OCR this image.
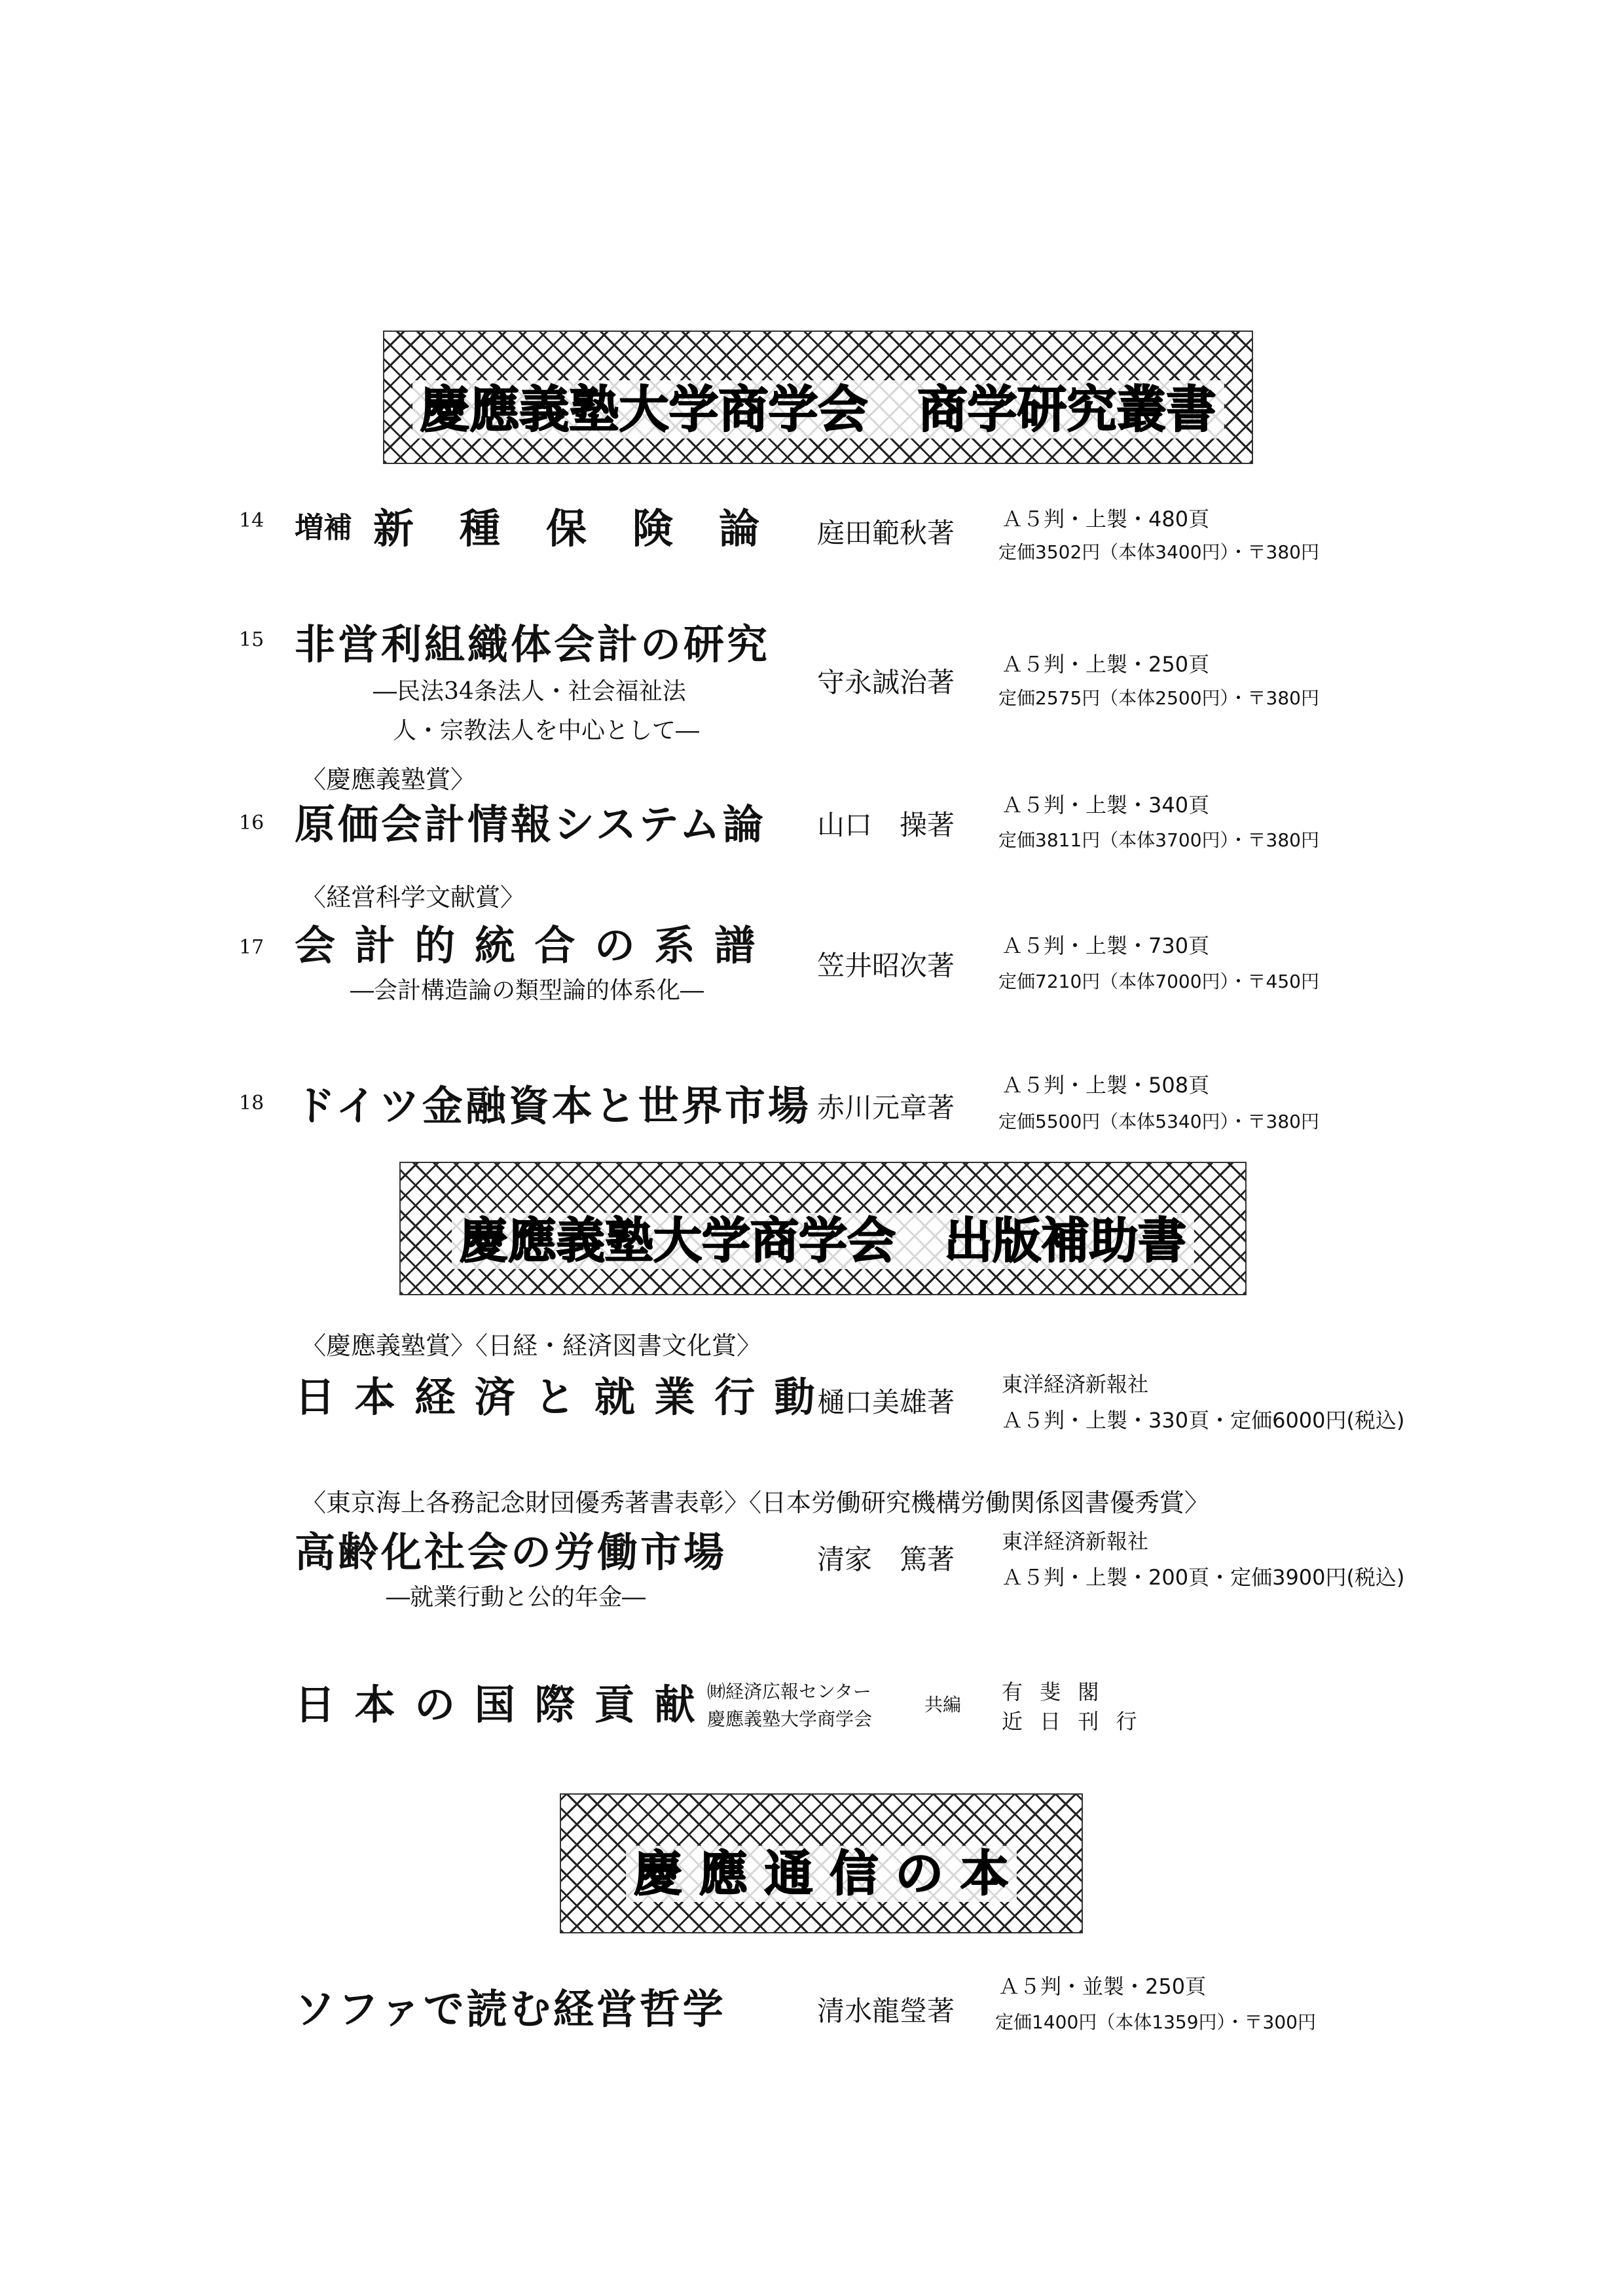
慶應義塾大学商学会　商学研究叢書
14 増補 新　種　保　険　論 庭田範秋著 Ａ５判・上製・480頁
定価3502円（本体3400円）・〒380円
15 非営利組織体会計の研究
―民法34条法人・社会福祉法
人・宗教法人を中心として―
守永誠治著
Ａ５判・上製・250頁
定価2575円（本体2500円）・〒380円
〈慶應義塾賞〉
16 原価会計情報システム論 山口　操著
Ａ５判・上製・340頁
定価3811円（本体3700円）・〒380円
〈経営科学文献賞〉
17 会 計 的 統 合 の 系 譜
―会計構造論の類型論的体系化―
笠井昭次著
Ａ５判・上製・730頁
定価7210円（本体7000円）・〒450円
18 ドイツ金融資本と世界市場 赤川元章著
Ａ５判・上製・508頁
定価5500円（本体5340円）・〒380円
慶應義塾大学商学会　出版補助書
〈慶應義塾賞〉〈日経・経済図書文化賞〉
日 本 経 済 と 就 業 行 動 樋口美雄著
東洋経済新報社
Ａ５判・上製・330頁・定価6000円(税込)
〈東京海上各務記念財団優秀著書表彰〉〈日本労働研究機構労働関係図書優秀賞〉
高齢化社会の労働市場
―就業行動と公的年金―
清家　篤著
東洋経済新報社
Ａ５判・上製・200頁・定価3900円(税込)
日 本 の 国 際 貢 献 ㈶経済広報センター
慶應義塾大学商学会
共編
有 斐 閣
近 日 刊 行
慶 應 通 信 の 本
ソファで読む経営哲学	清水龍瑩著
Ａ５判・並製・250頁
定価1400円（本体1359円）・〒300円
